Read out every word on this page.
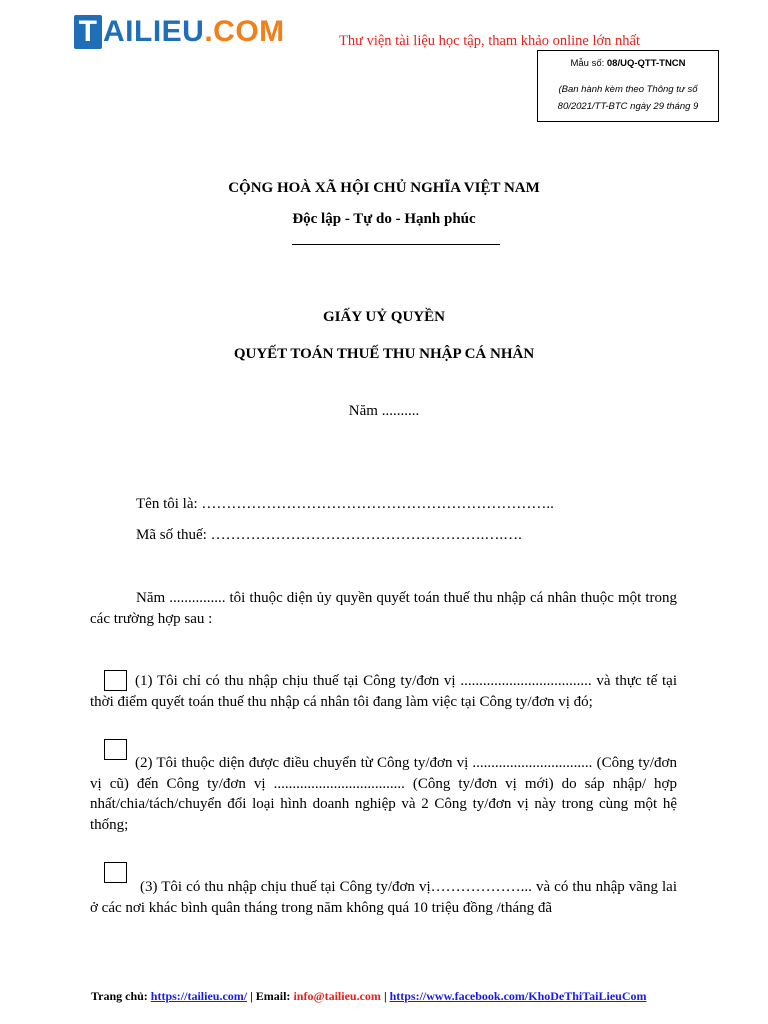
T AI LIEU .COM	Thư viện tài liệu học tập, tham khảo online lớn nhất
Mẫu số: 08/UQ-QTT-TNCN
(Ban hành kèm theo Thông tư số
80/2021/TT-BTC ngày 29 tháng 9
CỘNG HOÀ XÃ HỘI CHỦ NGHĨA VIỆT NAM
Độc lập - Tự do - Hạnh phúc
GIẤY UỶ QUYỀN
QUYẾT TOÁN THUẾ THU NHẬP CÁ NHÂN
Năm ..........
Tên tôi là: ……………………………………………………………..
Mã số thuế: ……………………………………………….….….
Năm ............... tôi thuộc diện ủy quyền quyết toán thuế thu nhập cá nhân thuộc một trong các trường hợp sau :
(1) Tôi chỉ có thu nhập chịu thuế tại Công ty/đơn vị ................................... và thực tế tại thời điểm quyết toán thuế thu nhập cá nhân tôi đang làm việc tại Công ty/đơn vị đó;
(2) Tôi thuộc diện được điều chuyển từ Công ty/đơn vị ................................ (Công ty/đơn vị cũ) đến Công ty/đơn vị ................................... (Công ty/đơn vị mới) do sáp nhập/ hợp nhất/chia/tách/chuyển đổi loại hình doanh nghiệp và 2 Công ty/đơn vị này trong cùng một hệ thống;
(3) Tôi có thu nhập chịu thuế tại Công ty/đơn vị………………... và có thu nhập vãng lai ở các nơi khác bình quân tháng trong năm không quá 10 triệu đồng /tháng đã
Trang chủ: https://tailieu.com/ | Email: info@tailieu.com | https://www.facebook.com/KhoDeThiTaiLieuCom
